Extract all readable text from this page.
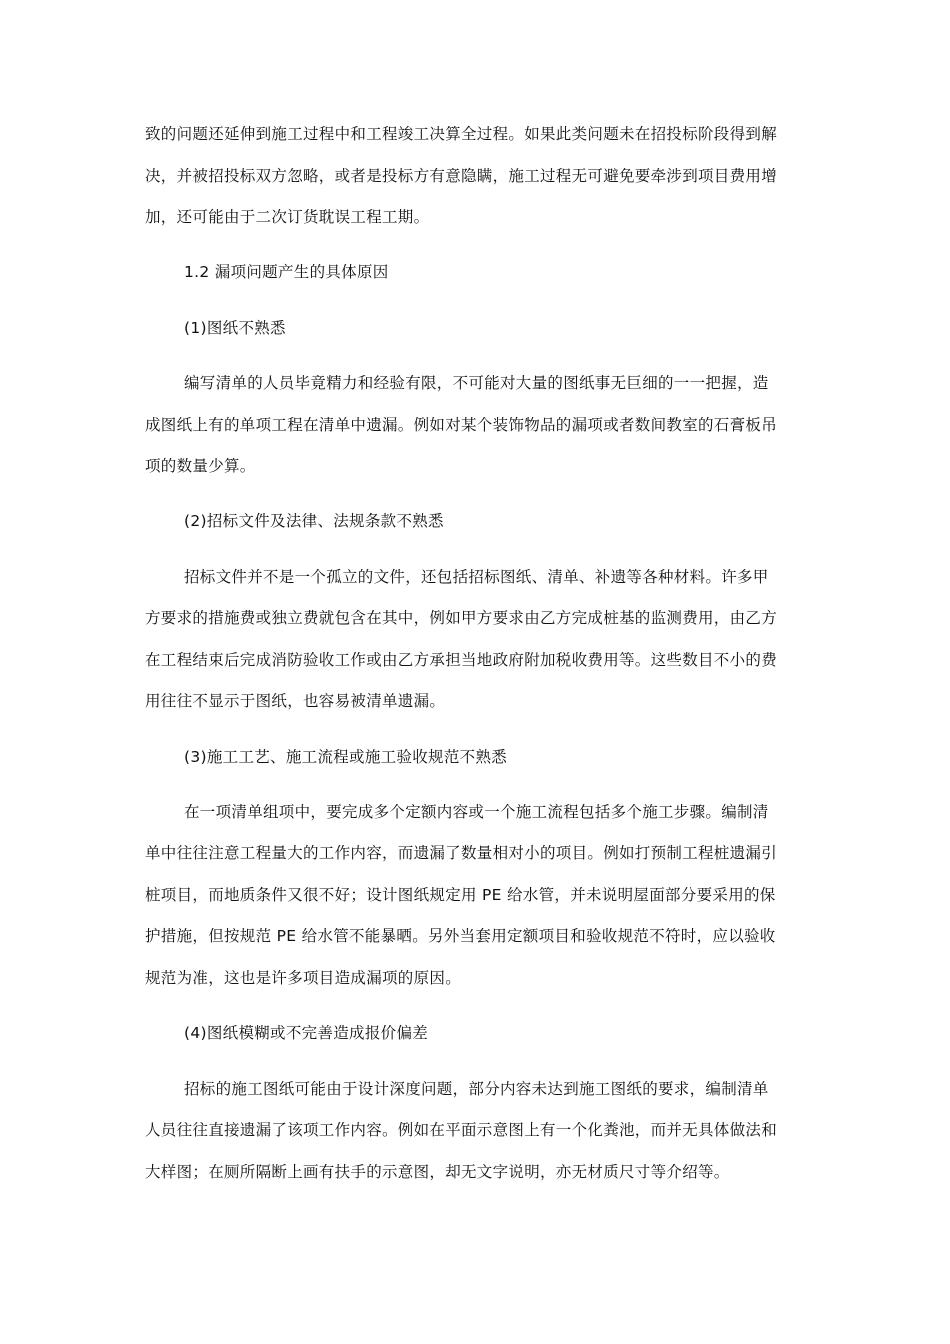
致的问题还延伸到施工过程中和工程竣工决算全过程。如果此类问题未在招投标阶段得到解
决，并被招投标双方忽略，或者是投标方有意隐瞒，施工过程无可避免要牵涉到项目费用增
加，还可能由于二次订货耽误工程工期。
1.2 漏项问题产生的具体原因
(1)图纸不熟悉
编写清单的人员毕竟精力和经验有限，不可能对大量的图纸事无巨细的一一把握，造
成图纸上有的单项工程在清单中遗漏。例如对某个装饰物品的漏项或者数间教室的石膏板吊
项的数量少算。
(2)招标文件及法律、法规条款不熟悉
招标文件并不是一个孤立的文件，还包括招标图纸、清单、补遗等各种材料。许多甲
方要求的措施费或独立费就包含在其中，例如甲方要求由乙方完成桩基的监测费用，由乙方
在工程结束后完成消防验收工作或由乙方承担当地政府附加税收费用等。这些数目不小的费
用往往不显示于图纸，也容易被清单遗漏。
(3)施工工艺、施工流程或施工验收规范不熟悉
在一项清单组项中，要完成多个定额内容或一个施工流程包括多个施工步骤。编制清
单中往往注意工程量大的工作内容，而遗漏了数量相对小的项目。例如打预制工程桩遗漏引
桩项目，而地质条件又很不好；设计图纸规定用 PE 给水管，并未说明屋面部分要采用的保
护措施，但按规范 PE 给水管不能暴晒。另外当套用定额项目和验收规范不符时，应以验收
规范为准，这也是许多项目造成漏项的原因。
(4)图纸模糊或不完善造成报价偏差
招标的施工图纸可能由于设计深度问题，部分内容未达到施工图纸的要求，编制清单
人员往往直接遗漏了该项工作内容。例如在平面示意图上有一个化粪池，而并无具体做法和
大样图；在厕所隔断上画有扶手的示意图，却无文字说明，亦无材质尺寸等介绍等。
